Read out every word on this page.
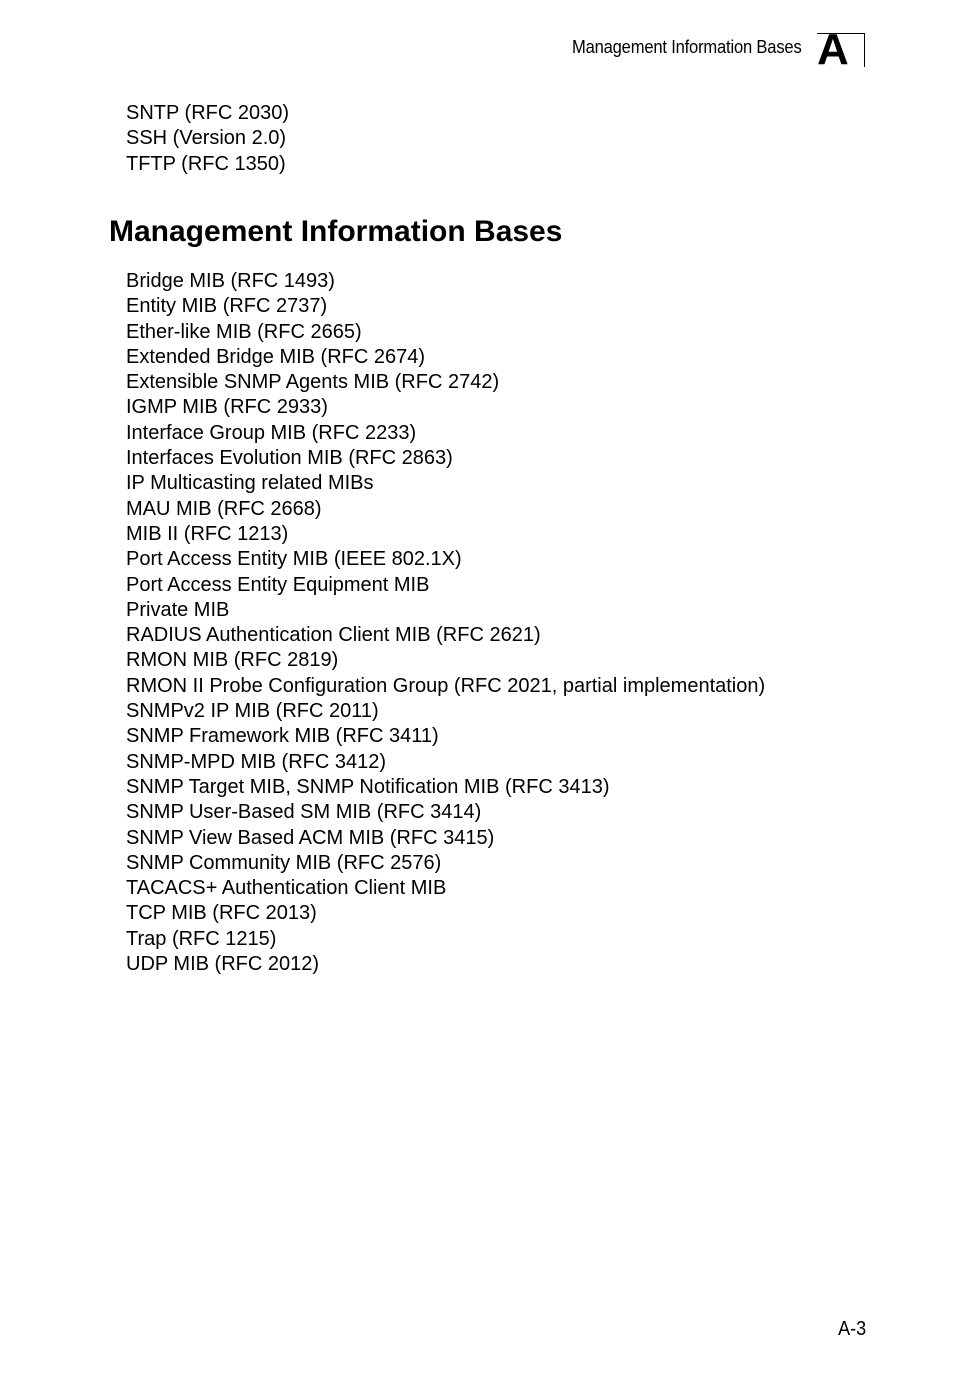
Management Information Bases A
SNTP (RFC 2030)
SSH (Version 2.0)
TFTP (RFC 1350)
Management Information Bases
Bridge MIB (RFC 1493)
Entity MIB (RFC 2737)
Ether-like MIB (RFC 2665)
Extended Bridge MIB (RFC 2674)
Extensible SNMP Agents MIB (RFC 2742)
IGMP MIB (RFC 2933)
Interface Group MIB (RFC 2233)
Interfaces Evolution MIB (RFC 2863)
IP Multicasting related MIBs
MAU MIB (RFC 2668)
MIB II (RFC 1213)
Port Access Entity MIB (IEEE 802.1X)
Port Access Entity Equipment MIB
Private MIB
RADIUS Authentication Client MIB (RFC 2621)
RMON MIB (RFC 2819)
RMON II Probe Configuration Group (RFC 2021, partial implementation)
SNMPv2 IP MIB (RFC 2011)
SNMP Framework MIB (RFC 3411)
SNMP-MPD MIB (RFC 3412)
SNMP Target MIB, SNMP Notification MIB (RFC 3413)
SNMP User-Based SM MIB (RFC 3414)
SNMP View Based ACM MIB (RFC 3415)
SNMP Community MIB (RFC 2576)
TACACS+ Authentication Client MIB
TCP MIB (RFC 2013)
Trap (RFC 1215)
UDP MIB (RFC 2012)
A-3
